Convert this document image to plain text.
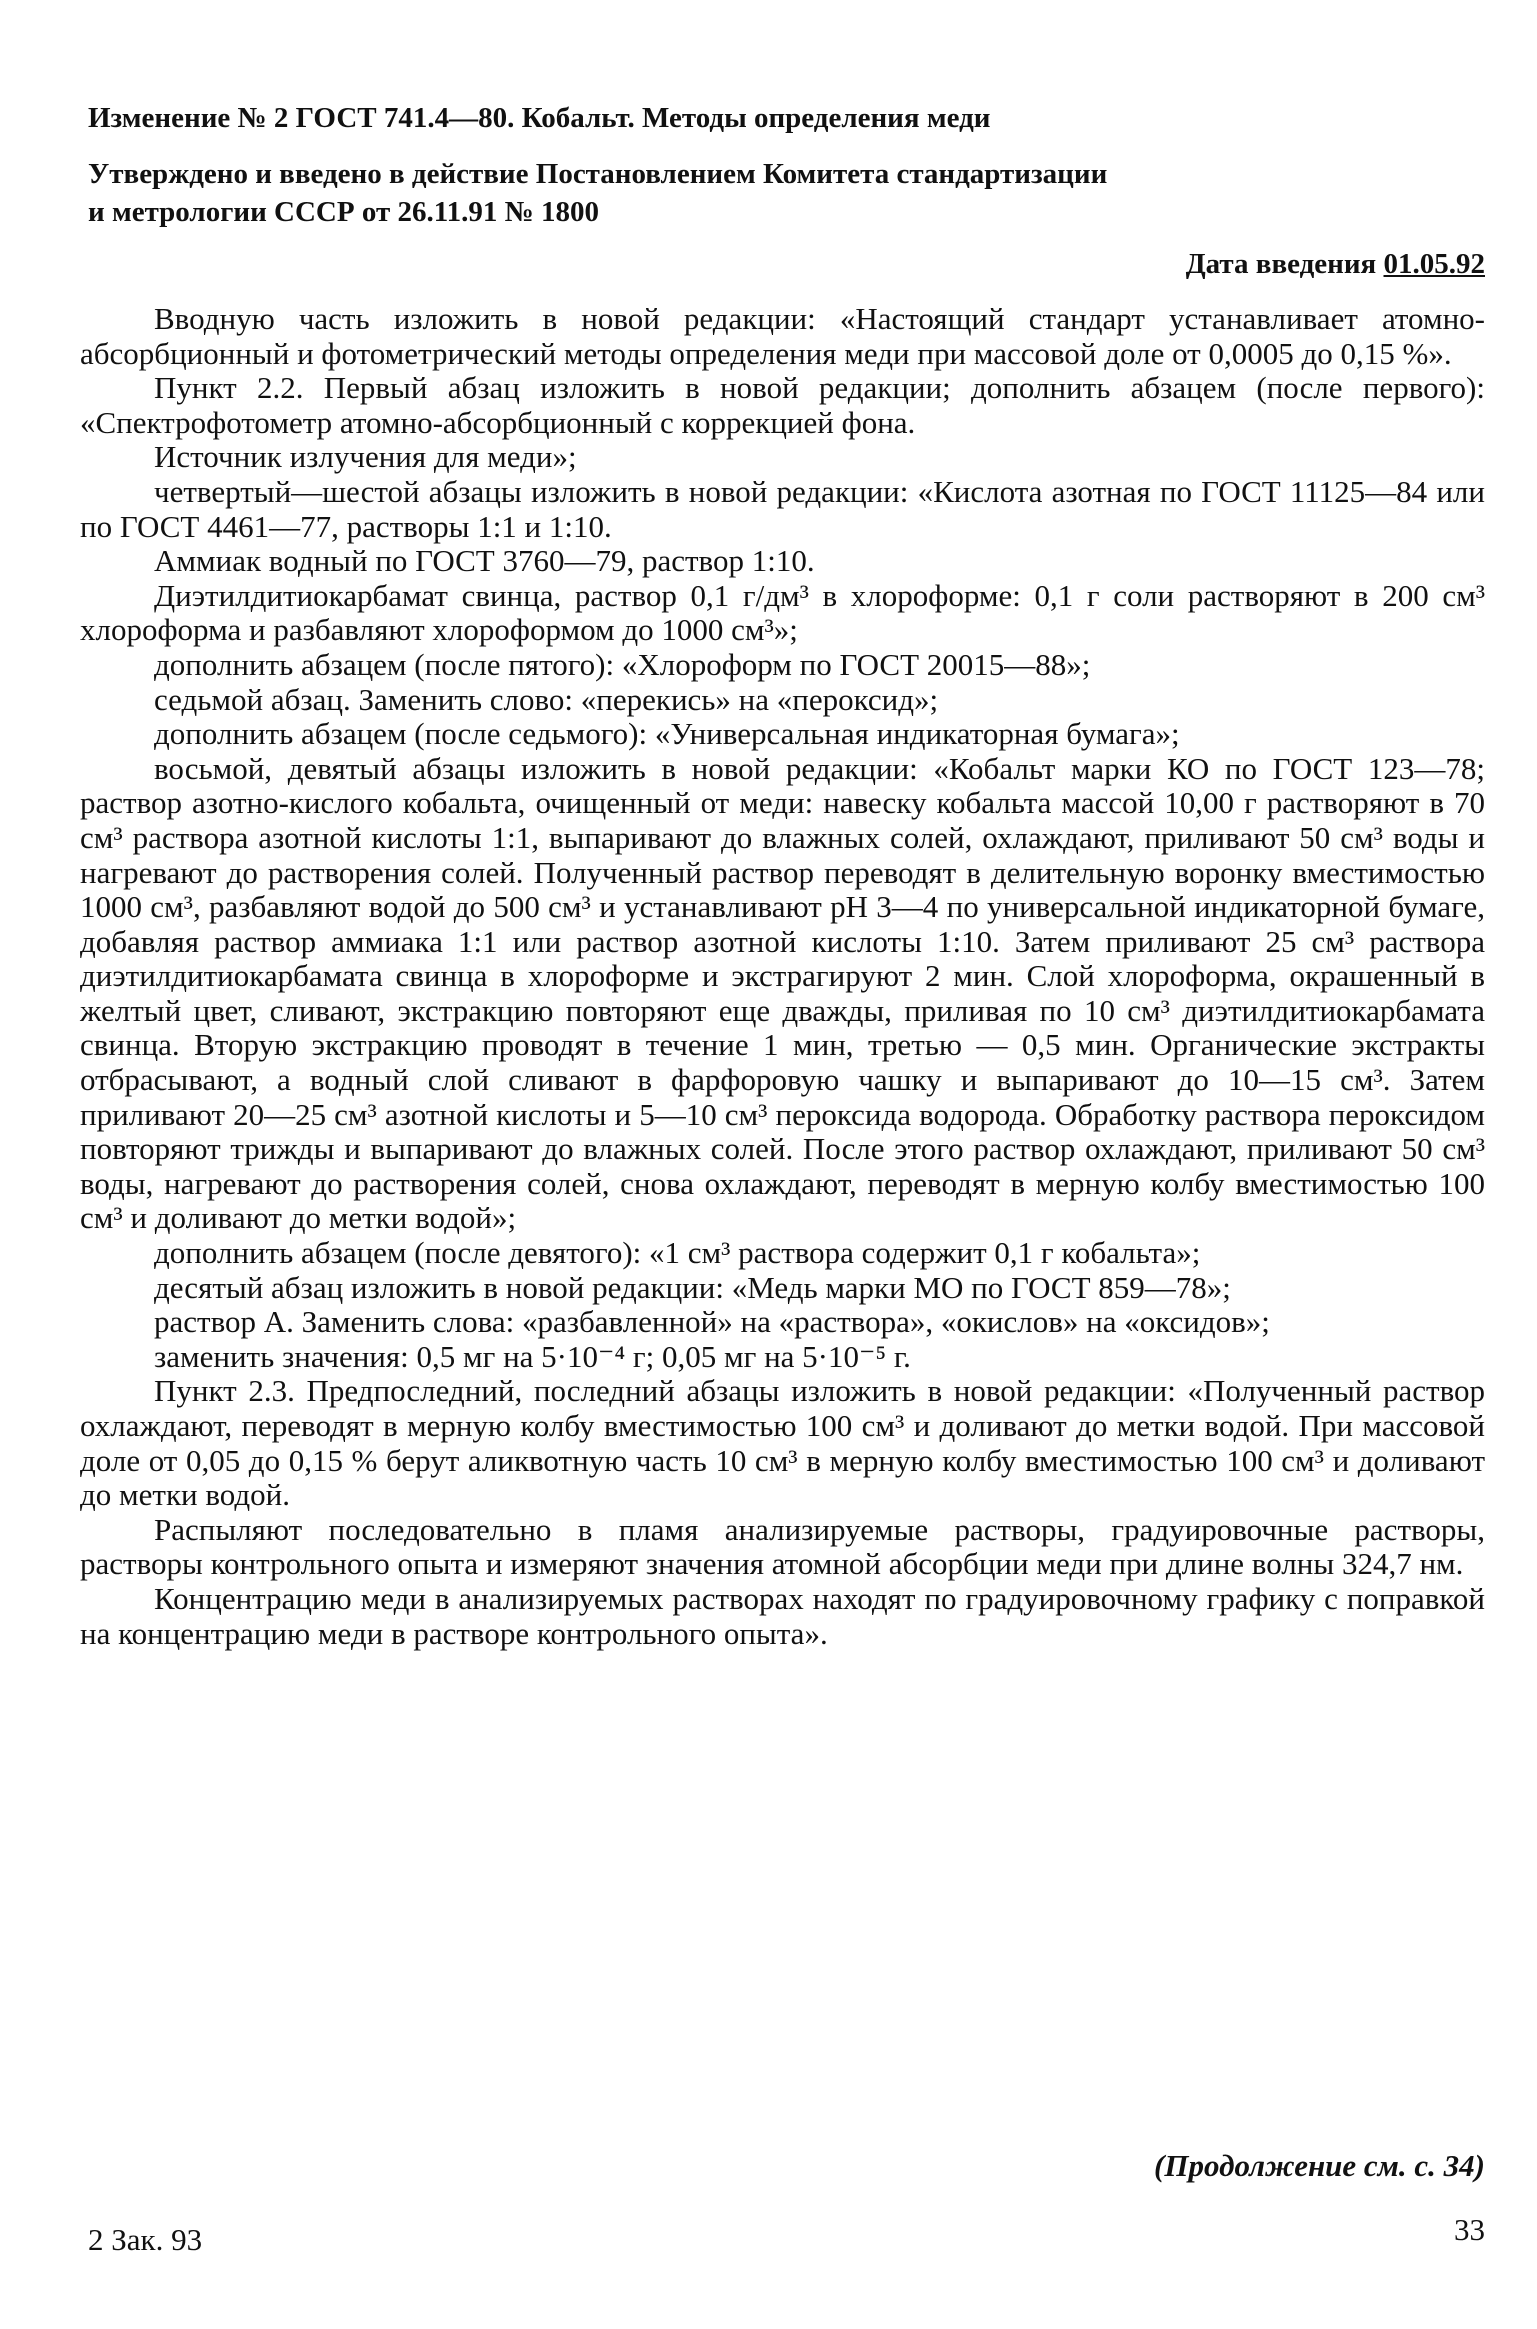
Изменение № 2 ГОСТ 741.4—80. Кобальт. Методы определения меди
Утверждено и введено в действие Постановлением Комитета стандартизации
и метрологии СССР от 26.11.91 № 1800
Дата введения 01.05.92

Вводную часть изложить в новой редакции: «Настоящий стандарт устанавливает атомно-абсорбционный и фотометрический методы определения меди при массовой доле от 0,0005 до 0,15 %».

Пункт 2.2. Первый абзац изложить в новой редакции; дополнить абзацем (после первого): «Спектрофотометр атомно-абсорбционный с коррекцией фона.

Источник излучения для меди»;

четвертый—шестой абзацы изложить в новой редакции: «Кислота азотная по ГОСТ 11125—84 или по ГОСТ 4461—77, растворы 1:1 и 1:10.

Аммиак водный по ГОСТ 3760—79, раствор 1:10.

Диэтилдитиокарбамат свинца, раствор 0,1 г/дм³ в хлороформе: 0,1 г соли растворяют в 200 см³ хлороформа и разбавляют хлороформом до 1000 см³»;

дополнить абзацем (после пятого): «Хлороформ по ГОСТ 20015—88»;

седьмой абзац. Заменить слово: «перекись» на «пероксид»;

дополнить абзацем (после седьмого): «Универсальная индикаторная бумага»;

восьмой, девятый абзацы изложить в новой редакции: «Кобальт марки КО по ГОСТ 123—78; раствор азотно-кислого кобальта, очищенный от меди: навеску кобальта массой 10,00 г растворяют в 70 см³ раствора азотной кислоты 1:1, выпаривают до влажных солей, охлаждают, приливают 50 см³ воды и нагревают до растворения солей. Полученный раствор переводят в делительную воронку вместимостью 1000 см³, разбавляют водой до 500 см³ и устанавливают рН 3—4 по универсальной индикаторной бумаге, добавляя раствор аммиака 1:1 или раствор азотной кислоты 1:10. Затем приливают 25 см³ раствора диэтилдитиокарбамата свинца в хлороформе и экстрагируют 2 мин. Слой хлороформа, окрашенный в желтый цвет, сливают, экстракцию повторяют еще дважды, приливая по 10 см³ диэтилдитиокарбамата свинца. Вторую экстракцию проводят в течение 1 мин, третью — 0,5 мин. Органические экстракты отбрасывают, а водный слой сливают в фарфоровую чашку и выпаривают до 10—15 см³. Затем приливают 20—25 см³ азотной кислоты и 5—10 см³ пероксида водорода. Обработку раствора пероксидом повторяют трижды и выпаривают до влажных солей. После этого раствор охлаждают, приливают 50 см³ воды, нагревают до растворения солей, снова охлаждают, переводят в мерную колбу вместимостью 100 см³ и доливают до метки водой»;

дополнить абзацем (после девятого): «1 см³ раствора содержит 0,1 г кобальта»;

десятый абзац изложить в новой редакции: «Медь марки МО по ГОСТ 859—78»;

раствор А. Заменить слова: «разбавленной» на «раствора», «окислов» на «оксидов»;

заменить значения: 0,5 мг на 5·10⁻⁴ г; 0,05 мг на 5·10⁻⁵ г.

Пункт 2.3. Предпоследний, последний абзацы изложить в новой редакции: «Полученный раствор охлаждают, переводят в мерную колбу вместимостью 100 см³ и доливают до метки водой. При массовой доле от 0,05 до 0,15 % берут аликвотную часть 10 см³ в мерную колбу вместимостью 100 см³ и доливают до метки водой.

Распыляют последовательно в пламя анализируемые растворы, градуировочные растворы, растворы контрольного опыта и измеряют значения атомной абсорбции меди при длине волны 324,7 нм.

Концентрацию меди в анализируемых растворах находят по градуировочному графику с поправкой на концентрацию меди в растворе контрольного опыта».

(Продолжение см. с. 34)
2 Зак. 93	33
